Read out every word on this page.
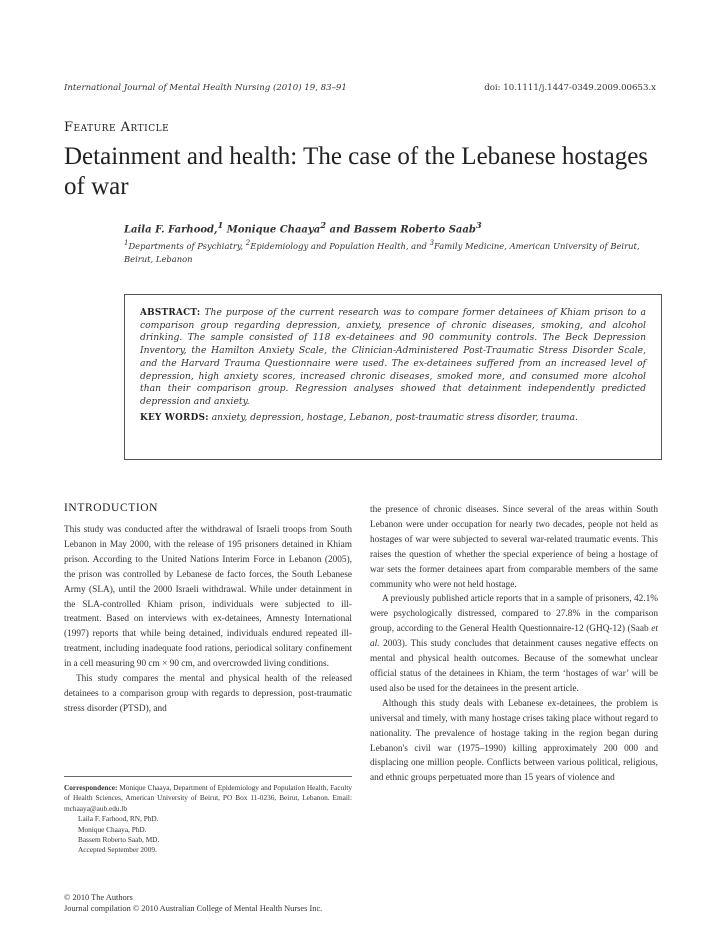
International Journal of Mental Health Nursing (2010) 19, 83–91	doi: 10.1111/j.1447-0349.2009.00653.x
Feature Article
Detainment and health: The case of the Lebanese hostages of war
Laila F. Farhood,$^1$ Monique Chaaya$^2$ and Bassem Roberto Saab$^3$
$^1$Departments of Psychiatry, $^2$Epidemiology and Population Health, and $^3$Family Medicine, American University of Beirut, Beirut, Lebanon

ABSTRACT: The purpose of the current research was to compare former detainees of Khiam prison to a comparison group regarding depression, anxiety, presence of chronic diseases, smoking, and alcohol drinking. The sample consisted of 118 ex-detainees and 90 community controls. The Beck Depression Inventory, the Hamilton Anxiety Scale, the Clinician-Administered Post-Traumatic Stress Disorder Scale, and the Harvard Trauma Questionnaire were used. The ex-detainees suffered from an increased level of depression, high anxiety scores, increased chronic diseases, smoked more, and consumed more alcohol than their comparison group. Regression analyses showed that detainment independently predicted depression and anxiety.

KEY WORDS: anxiety, depression, hostage, Lebanon, post-traumatic stress disorder, trauma.

INTRODUCTION

This study was conducted after the withdrawal of Israeli troops from South Lebanon in May 2000, with the release of 195 prisoners detained in Khiam prison. According to the United Nations Interim Force in Lebanon (2005), the prison was controlled by Lebanese de facto forces, the South Lebanese Army (SLA), until the 2000 Israeli withdrawal. While under detainment in the SLA-controlled Khiam prison, individuals were subjected to ill-treatment. Based on interviews with ex-detainees, Amnesty International (1997) reports that while being detained, individuals endured repeated ill-treatment, including inadequate food rations, periodical solitary confinement in a cell measuring 90 cm × 90 cm, and overcrowded living conditions.

This study compares the mental and physical health of the released detainees to a comparison group with regards to depression, post-traumatic stress disorder (PTSD), and

the presence of chronic diseases. Since several of the areas within South Lebanon were under occupation for nearly two decades, people not held as hostages of war were subjected to several war-related traumatic events. This raises the question of whether the special experience of being a hostage of war sets the former detainees apart from comparable members of the same community who were not held hostage.

A previously published article reports that in a sample of prisoners, 42.1% were psychologically distressed, compared to 27.8% in the comparison group, according to the General Health Questionnaire-12 (GHQ-12) (Saab et al. 2003). This study concludes that detainment causes negative effects on mental and physical health outcomes. Because of the somewhat unclear official status of the detainees in Khiam, the term ‘hostages of war’ will be used also be used for the detainees in the present article.

Although this study deals with Lebanese ex-detainees, the problem is universal and timely, with many hostage crises taking place without regard to nationality. The prevalence of hostage taking in the region began during Lebanon's civil war (1975–1990) killing approximately 200 000 and displacing one million people. Conflicts between various political, religious, and ethnic groups perpetuated more than 15 years of violence and

Correspondence: Monique Chaaya, Department of Epidemiology and Population Health, Faculty of Health Sciences, American University of Beirut, PO Box 11-0236, Beirut, Lebanon. Email: mchaaya@aub.edu.lb
Laila F. Farhood, RN, PhD.
Monique Chaaya, PhD.
Bassem Roberto Saab, MD.
Accepted September 2009.
© 2010 The Authors
Journal compilation © 2010 Australian College of Mental Health Nurses Inc.
